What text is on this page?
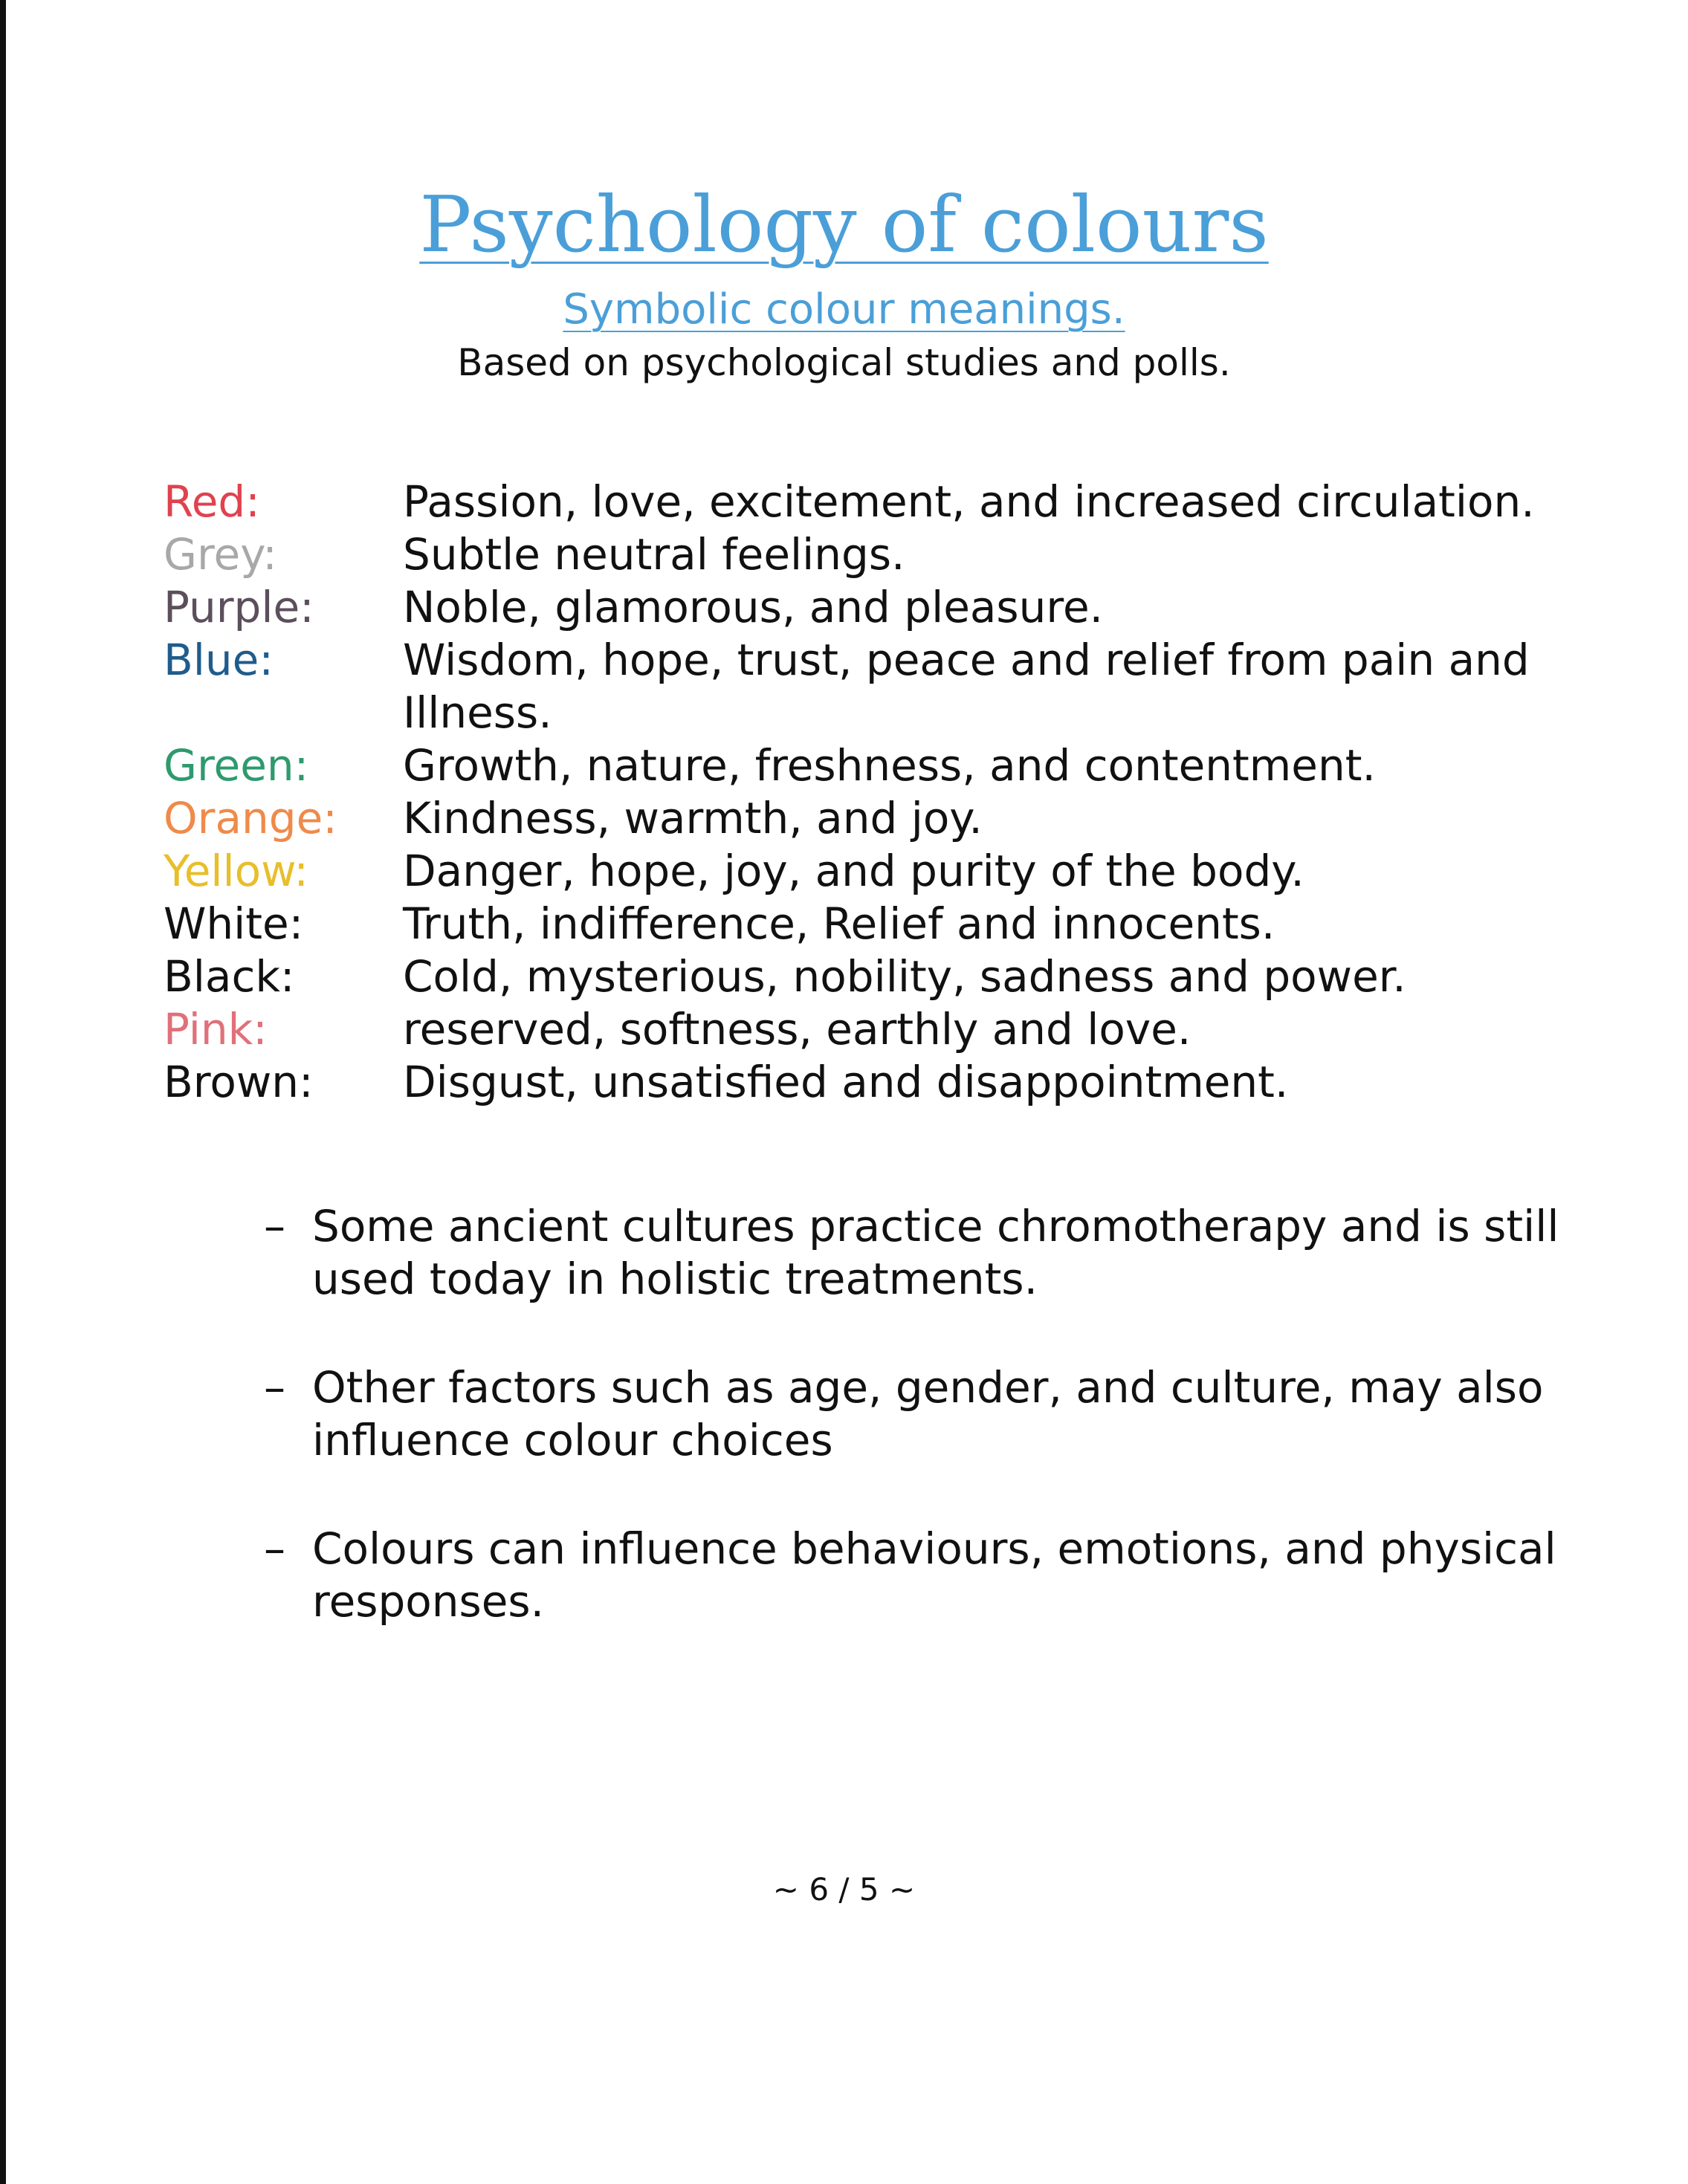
Psychology of colours
Symbolic colour meanings.
Based on psychological studies and polls.
Red:	Passion, love, excitement, and increased circulation.
Grey:	Subtle neutral feelings.
Purple: Noble, glamorous, and pleasure.
Blue:	Wisdom, hope, trust, peace and relief from pain and Illness.
Green: Growth, nature, freshness, and contentment.
Orange: Kindness, warmth, and joy.
Yellow: Danger, hope, joy, and purity of the body.
White: Truth, indifference, Relief and innocents.
Black:	Cold, mysterious, nobility, sadness and power.
Pink:	reserved, softness, earthly and love.
Brown: Disgust, unsatisfied and disappointment.
– Some ancient cultures practice chromotherapy and is still used today in holistic treatments.
– Other factors such as age, gender, and culture, may also influence colour choices
– Colours can influence behaviours, emotions, and physical responses.
~ 6 / 5 ~
